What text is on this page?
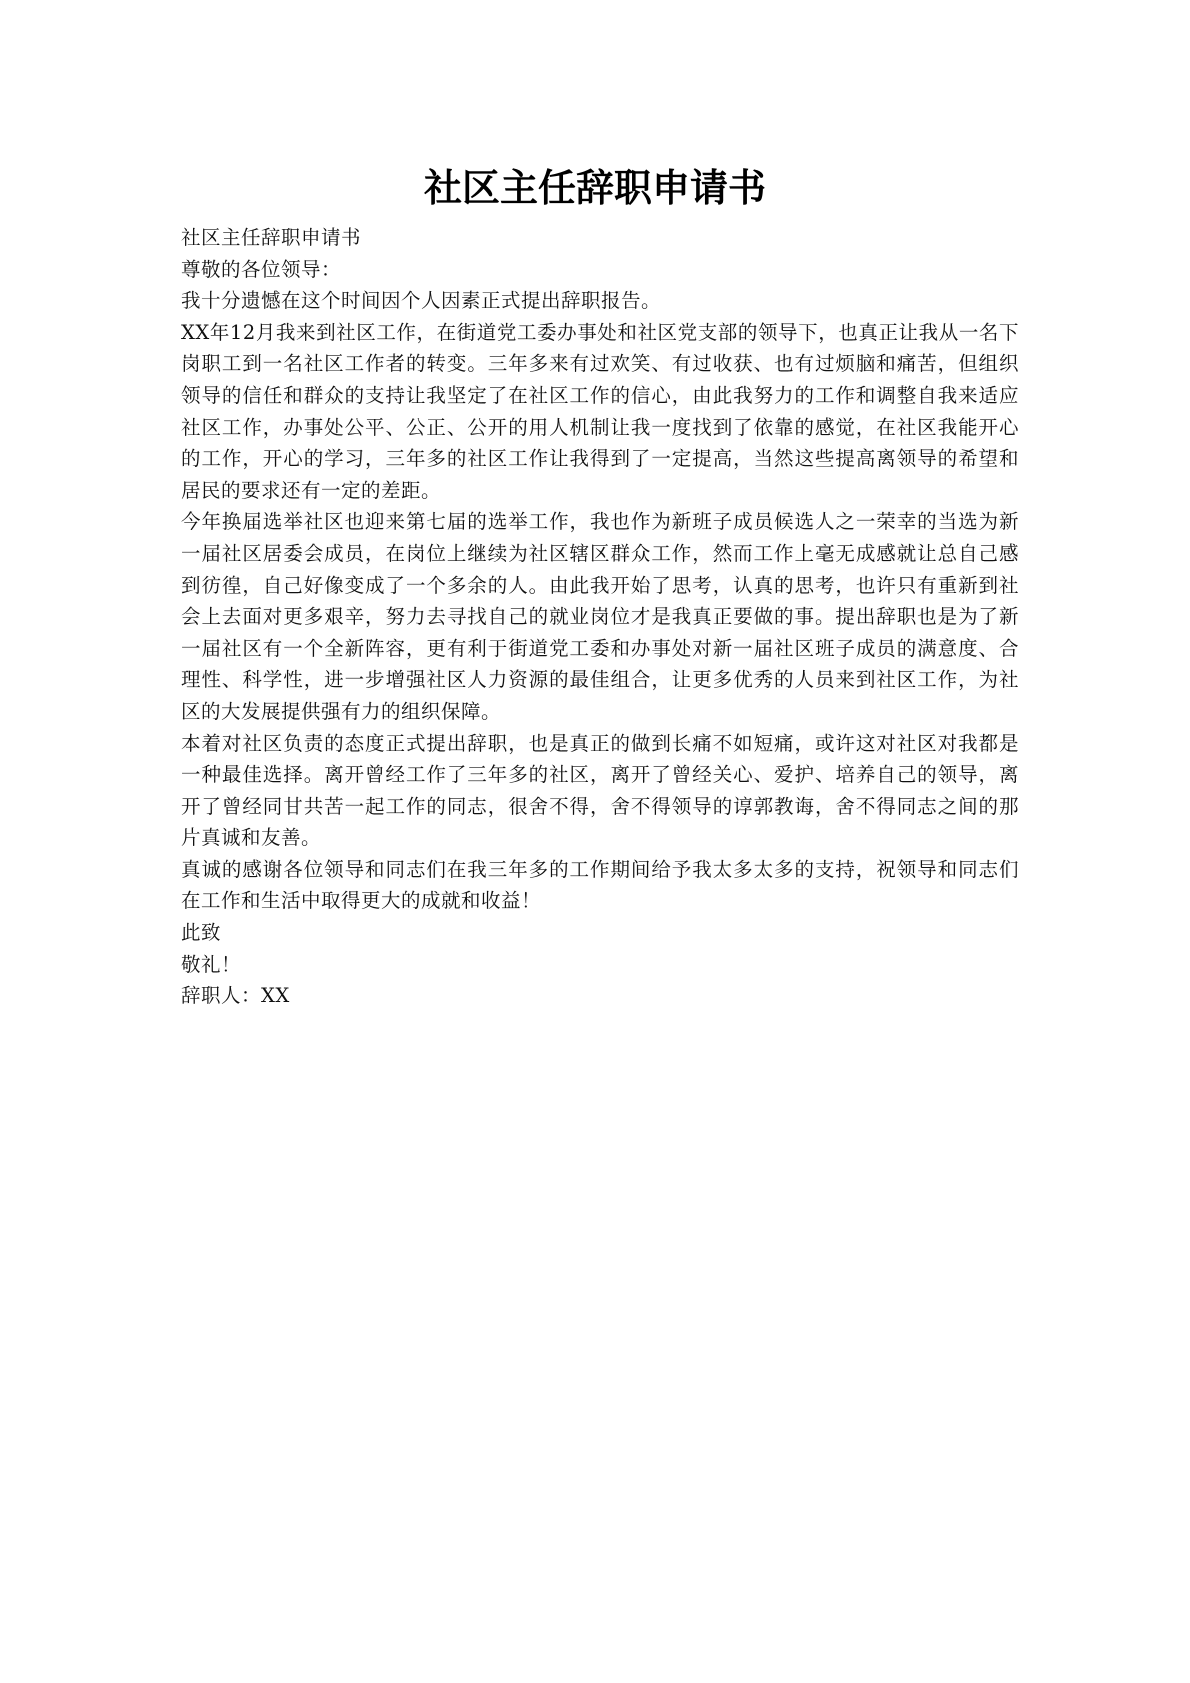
社区主任辞职申请书

社区主任辞职申请书

尊敬的各位领导：

我十分遗憾在这个时间因个人因素正式提出辞职报告。

XX年12月我来到社区工作，在街道党工委办事处和社区党支部的领导下，也真正让我从一名下岗职工到一名社区工作者的转变。三年多来有过欢笑、有过收获、也有过烦脑和痛苦，但组织领导的信任和群众的支持让我坚定了在社区工作的信心，由此我努力的工作和调整自我来适应社区工作，办事处公平、公正、公开的用人机制让我一度找到了依靠的感觉，在社区我能开心的工作，开心的学习，三年多的社区工作让我得到了一定提高，当然这些提高离领导的希望和居民的要求还有一定的差距。

今年换届选举社区也迎来第七届的选举工作，我也作为新班子成员候选人之一荣幸的当选为新一届社区居委会成员，在岗位上继续为社区辖区群众工作，然而工作上毫无成感就让总自己感到彷徨，自己好像变成了一个多余的人。由此我开始了思考，认真的思考，也许只有重新到社会上去面对更多艰辛，努力去寻找自己的就业岗位才是我真正要做的事。提出辞职也是为了新一届社区有一个全新阵容，更有利于街道党工委和办事处对新一届社区班子成员的满意度、合理性、科学性，进一步增强社区人力资源的最佳组合，让更多优秀的人员来到社区工作，为社区的大发展提供强有力的组织保障。

本着对社区负责的态度正式提出辞职，也是真正的做到长痛不如短痛，或许这对社区对我都是一种最佳选择。离开曾经工作了三年多的社区，离开了曾经关心、爱护、培养自己的领导，离开了曾经同甘共苦一起工作的同志，很舍不得，舍不得领导的谆郭教诲，舍不得同志之间的那片真诚和友善。

真诚的感谢各位领导和同志们在我三年多的工作期间给予我太多太多的支持，祝领导和同志们在工作和生活中取得更大的成就和收益！

此致

敬礼！

辞职人：XX
